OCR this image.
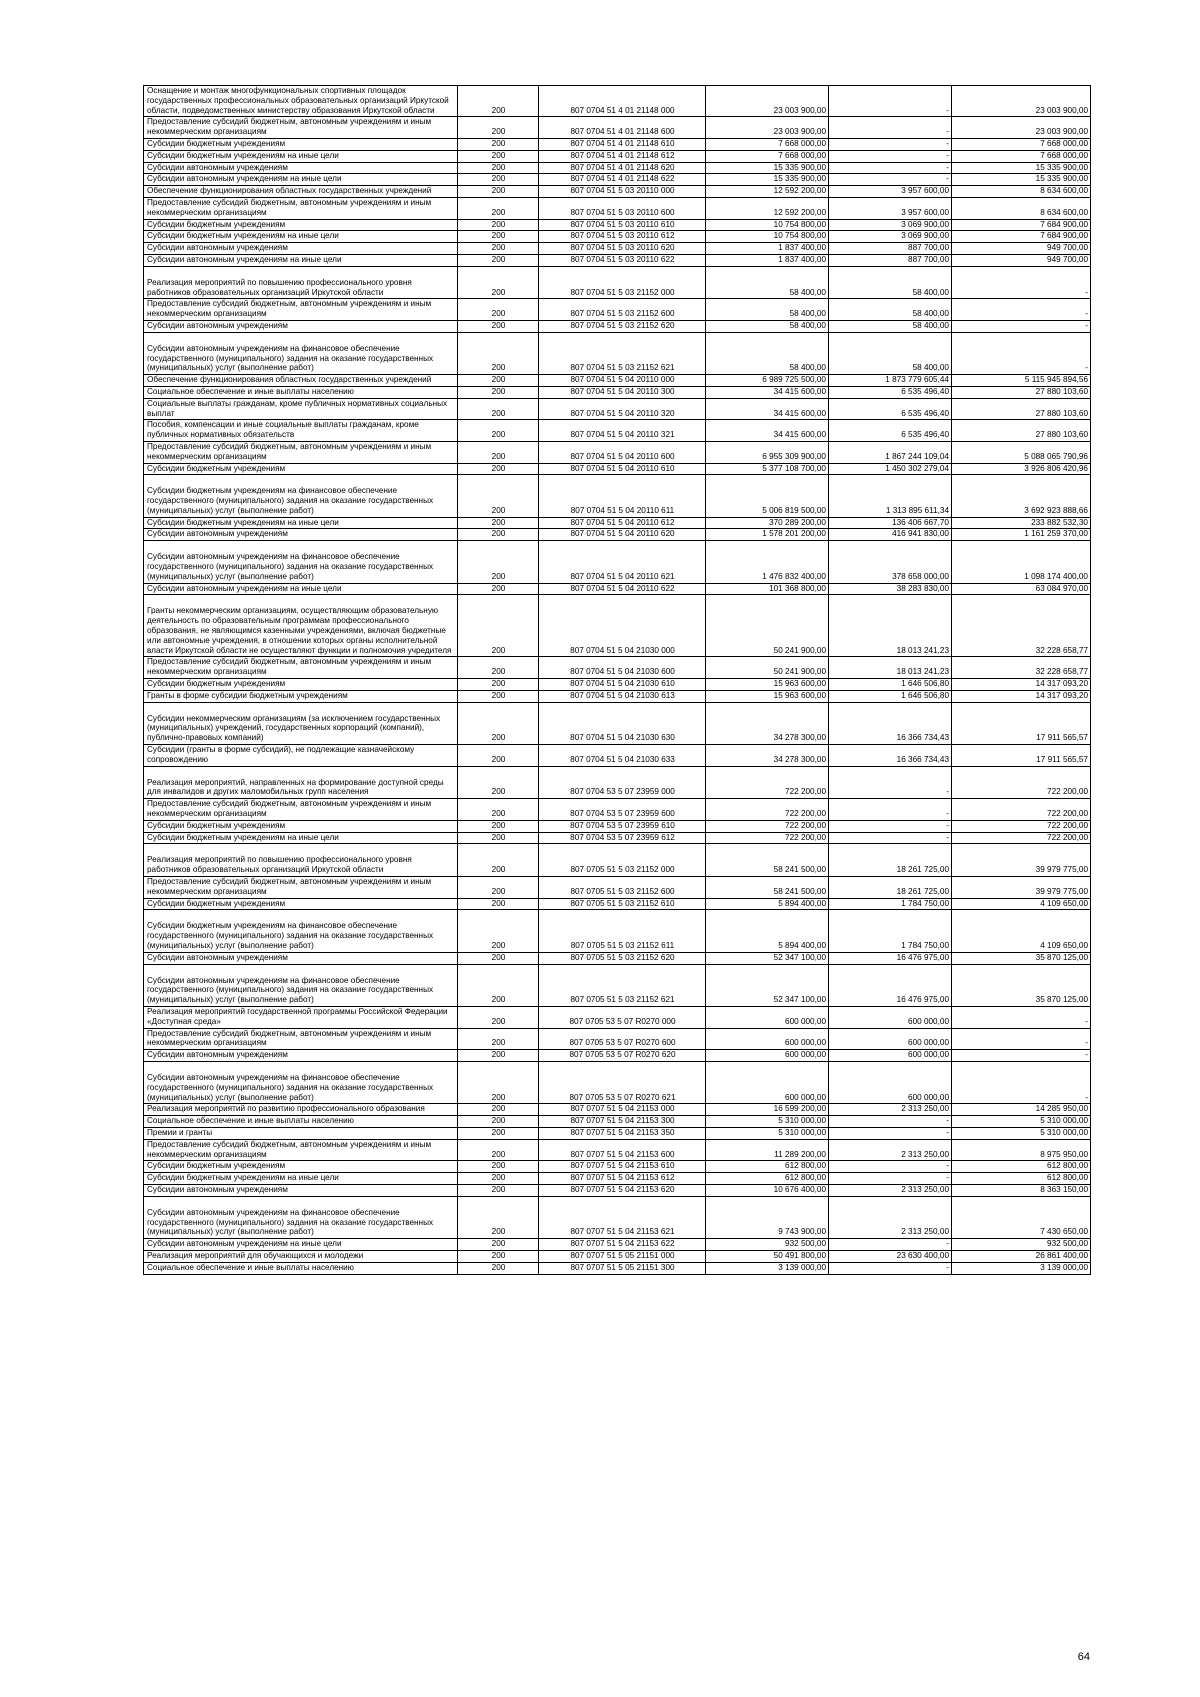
Оснащение и монтаж многофункциональных спортивных площадок государственных профессиональных образовательных организаций Иркутской области, подведомственных министерству образования Иркутской области	200	807 0704 51 4 01 21148 000	23 003 900,00	-	23 003 900,00
Предоставление субсидий бюджетным, автономным учреждениям и иным некоммерческим организациям	200	807 0704 51 4 01 21148 600	23 003 900,00	-	23 003 900,00
Субсидии бюджетным учреждениям	200	807 0704 51 4 01 21148 610	7 668 000,00	-	7 668 000,00
Субсидии бюджетным учреждениям на иные цели	200	807 0704 51 4 01 21148 612	7 668 000,00	-	7 668 000,00
Субсидии автономным учреждениям	200	807 0704 51 4 01 21148 620	15 335 900,00	-	15 335 900,00
Субсидии автономным учреждениям на иные цели	200	807 0704 51 4 01 21148 622	15 335 900,00	-	15 335 900,00
Обеспечение функционирования областных государственных учреждений	200	807 0704 51 5 03 20110 000	12 592 200,00	3 957 600,00	8 634 600,00
Предоставление субсидий бюджетным, автономным учреждениям и иным некоммерческим организациям	200	807 0704 51 5 03 20110 600	12 592 200,00	3 957 600,00	8 634 600,00
Субсидии бюджетным учреждениям	200	807 0704 51 5 03 20110 610	10 754 800,00	3 069 900,00	7 684 900,00
Субсидии бюджетным учреждениям на иные цели	200	807 0704 51 5 03 20110 612	10 754 800,00	3 069 900,00	7 684 900,00
Субсидии автономным учреждениям	200	807 0704 51 5 03 20110 620	1 837 400,00	887 700,00	949 700,00
Субсидии автономным учреждениям на иные цели	200	807 0704 51 5 03 20110 622	1 837 400,00	887 700,00	949 700,00
Реализация мероприятий по повышению профессионального уровня работников образовательных организаций Иркутской области	200	807 0704 51 5 03 21152 000	58 400,00	58 400,00	-
Предоставление субсидий бюджетным, автономным учреждениям и иным некоммерческим организациям	200	807 0704 51 5 03 21152 600	58 400,00	58 400,00	-
Субсидии автономным учреждениям	200	807 0704 51 5 03 21152 620	58 400,00	58 400,00	-
Субсидии автономным учреждениям на финансовое обеспечение государственного (муниципального) задания на оказание государственных (муниципальных) услуг (выполнение работ)	200	807 0704 51 5 03 21152 621	58 400,00	58 400,00	-
Обеспечение функционирования областных государственных учреждений	200	807 0704 51 5 04 20110 000	6 989 725 500,00	1 873 779 605,44	5 115 945 894,56
Социальное обеспечение и иные выплаты населению	200	807 0704 51 5 04 20110 300	34 415 600,00	6 535 496,40	27 880 103,60
Социальные выплаты гражданам, кроме публичных нормативных социальных выплат	200	807 0704 51 5 04 20110 320	34 415 600,00	6 535 496,40	27 880 103,60
Пособия, компенсации и иные социальные выплаты гражданам, кроме публичных нормативных обязательств	200	807 0704 51 5 04 20110 321	34 415 600,00	6 535 496,40	27 880 103,60
Предоставление субсидий бюджетным, автономным учреждениям и иным некоммерческим организациям	200	807 0704 51 5 04 20110 600	6 955 309 900,00	1 867 244 109,04	5 088 065 790,96
Субсидии бюджетным учреждениям	200	807 0704 51 5 04 20110 610	5 377 108 700,00	1 450 302 279,04	3 926 806 420,96
Субсидии бюджетным учреждениям на финансовое обеспечение государственного (муниципального) задания на оказание государственных (муниципальных) услуг (выполнение работ)	200	807 0704 51 5 04 20110 611	5 006 819 500,00	1 313 895 611,34	3 692 923 888,66
Субсидии бюджетным учреждениям на иные цели	200	807 0704 51 5 04 20110 612	370 289 200,00	136 406 667,70	233 882 532,30
Субсидии автономным учреждениям	200	807 0704 51 5 04 20110 620	1 578 201 200,00	416 941 830,00	1 161 259 370,00
Субсидии автономным учреждениям на финансовое обеспечение государственного (муниципального) задания на оказание государственных (муниципальных) услуг (выполнение работ)	200	807 0704 51 5 04 20110 621	1 476 832 400,00	378 658 000,00	1 098 174 400,00
Субсидии автономным учреждениям на иные цели	200	807 0704 51 5 04 20110 622	101 368 800,00	38 283 830,00	63 084 970,00
Гранты некоммерческим организациям, осуществляющим образовательную деятельность по образовательным программам профессионального образования, не являющимся казенными учреждениями, включая бюджетные или автономные учреждения, в отношении которых органы исполнительной власти Иркутской области не осуществляют функции и полномочия учредителя	200	807 0704 51 5 04 21030 000	50 241 900,00	18 013 241,23	32 228 658,77
Предоставление субсидий бюджетным, автономным учреждениям и иным некоммерческим организациям	200	807 0704 51 5 04 21030 600	50 241 900,00	18 013 241,23	32 228 658,77
Субсидии бюджетным учреждениям	200	807 0704 51 5 04 21030 610	15 963 600,00	1 646 506,80	14 317 093,20
Гранты в форме субсидии бюджетным учреждениям	200	807 0704 51 5 04 21030 613	15 963 600,00	1 646 506,80	14 317 093,20
Субсидии некоммерческим организациям (за исключением государственных (муниципальных) учреждений, государственных корпораций (компаний), публично-правовых компаний)	200	807 0704 51 5 04 21030 630	34 278 300,00	16 366 734,43	17 911 565,57
Субсидии (гранты в форме субсидий), не подлежащие казначейскому сопровождению	200	807 0704 51 5 04 21030 633	34 278 300,00	16 366 734,43	17 911 565,57
Реализация мероприятий, направленных на формирование доступной среды для инвалидов и других маломобильных групп населения	200	807 0704 53 5 07 23959 000	722 200,00	-	722 200,00
Предоставление субсидий бюджетным, автономным учреждениям и иным некоммерческим организациям	200	807 0704 53 5 07 23959 600	722 200,00	-	722 200,00
Субсидии бюджетным учреждениям	200	807 0704 53 5 07 23959 610	722 200,00	-	722 200,00
Субсидии бюджетным учреждениям на иные цели	200	807 0704 53 5 07 23959 612	722 200,00	-	722 200,00
Реализация мероприятий по повышению профессионального уровня работников образовательных организаций Иркутской области	200	807 0705 51 5 03 21152 000	58 241 500,00	18 261 725,00	39 979 775,00
Предоставление субсидий бюджетным, автономным учреждениям и иным некоммерческим организациям	200	807 0705 51 5 03 21152 600	58 241 500,00	18 261 725,00	39 979 775,00
Субсидии бюджетным учреждениям	200	807 0705 51 5 03 21152 610	5 894 400,00	1 784 750,00	4 109 650,00
Субсидии бюджетным учреждениям на финансовое обеспечение государственного (муниципального) задания на оказание государственных (муниципальных) услуг (выполнение работ)	200	807 0705 51 5 03 21152 611	5 894 400,00	1 784 750,00	4 109 650,00
Субсидии автономным учреждениям	200	807 0705 51 5 03 21152 620	52 347 100,00	16 476 975,00	35 870 125,00
Субсидии автономным учреждениям на финансовое обеспечение государственного (муниципального) задания на оказание государственных (муниципальных) услуг (выполнение работ)	200	807 0705 51 5 03 21152 621	52 347 100,00	16 476 975,00	35 870 125,00
Реализация мероприятий государственной программы Российской Федерации «Доступная среда»	200	807 0705 53 5 07 R0270 000	600 000,00	600 000,00	-
Предоставление субсидий бюджетным, автономным учреждениям и иным некоммерческим организациям	200	807 0705 53 5 07 R0270 600	600 000,00	600 000,00	-
Субсидии автономным учреждениям	200	807 0705 53 5 07 R0270 620	600 000,00	600 000,00	-
Субсидии автономным учреждениям на финансовое обеспечение государственного (муниципального) задания на оказание государственных (муниципальных) услуг (выполнение работ)	200	807 0705 53 5 07 R0270 621	600 000,00	600 000,00	-
Реализация мероприятий по развитию профессионального образования	200	807 0707 51 5 04 21153 000	16 599 200,00	2 313 250,00	14 285 950,00
Социальное обеспечение и иные выплаты населению	200	807 0707 51 5 04 21153 300	5 310 000,00	-	5 310 000,00
Премии и гранты	200	807 0707 51 5 04 21153 350	5 310 000,00	-	5 310 000,00
Предоставление субсидий бюджетным, автономным учреждениям и иным некоммерческим организациям	200	807 0707 51 5 04 21153 600	11 289 200,00	2 313 250,00	8 975 950,00
Субсидии бюджетным учреждениям	200	807 0707 51 5 04 21153 610	612 800,00	-	612 800,00
Субсидии бюджетным учреждениям на иные цели	200	807 0707 51 5 04 21153 612	612 800,00	-	612 800,00
Субсидии автономным учреждениям	200	807 0707 51 5 04 21153 620	10 676 400,00	2 313 250,00	8 363 150,00
Субсидии автономным учреждениям на финансовое обеспечение государственного (муниципального) задания на оказание государственных (муниципальных) услуг (выполнение работ)	200	807 0707 51 5 04 21153 621	9 743 900,00	2 313 250,00	7 430 650,00
Субсидии автономным учреждениям на иные цели	200	807 0707 51 5 04 21153 622	932 500,00	-	932 500,00
Реализация мероприятий для обучающихся и молодежи	200	807 0707 51 5 05 21151 000	50 491 800,00	23 630 400,00	26 861 400,00
Социальное обеспечение и иные выплаты населению	200	807 0707 51 5 05 21151 300	3 139 000,00	-	3 139 000,00
64
